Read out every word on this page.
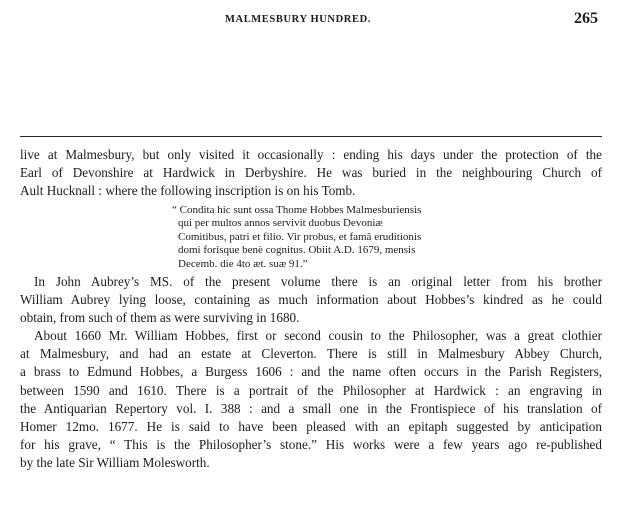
MALMESBURY HUNDRED.	265
live at Malmesbury, but only visited it occasionally : ending his days under the protection of the
Earl of Devonshire at Hardwick in Derbyshire. He was buried in the neighbouring Church of
Ault Hucknall : where the following inscription is on his Tomb.
“ Condita hic sunt ossa Thome Hobbes Malmesburiensis
qui per multos annos servivit duobus Devoniæ
Comitibus, patri et filio. Vir probus, et famâ eruditionis
domi forisque benè cognitus. Obiit A.D. 1679, mensis
Decemb. die 4to æt. suæ 91.”
In John Aubrey’s MS. of the present volume there is an original letter from his brother
William Aubrey lying loose, containing as much information about Hobbes’s kindred as he could
obtain, from such of them as were surviving in 1680.
About 1660 Mr. William Hobbes, first or second cousin to the Philosopher, was a great clothier
at Malmesbury, and had an estate at Cleverton. There is still in Malmesbury Abbey Church,
a brass to Edmund Hobbes, a Burgess 1606 : and the name often occurs in the Parish Registers,
between 1590 and 1610. There is a portrait of the Philosopher at Hardwick : an engraving in
the Antiquarian Repertory vol. I. 388 : and a small one in the Frontispiece of his translation of
Homer 12mo. 1677. He is said to have been pleased with an epitaph suggested by anticipation
for his grave, “ This is the Philosopher’s stone.” His works were a few years ago re-published
by the late Sir William Molesworth.
